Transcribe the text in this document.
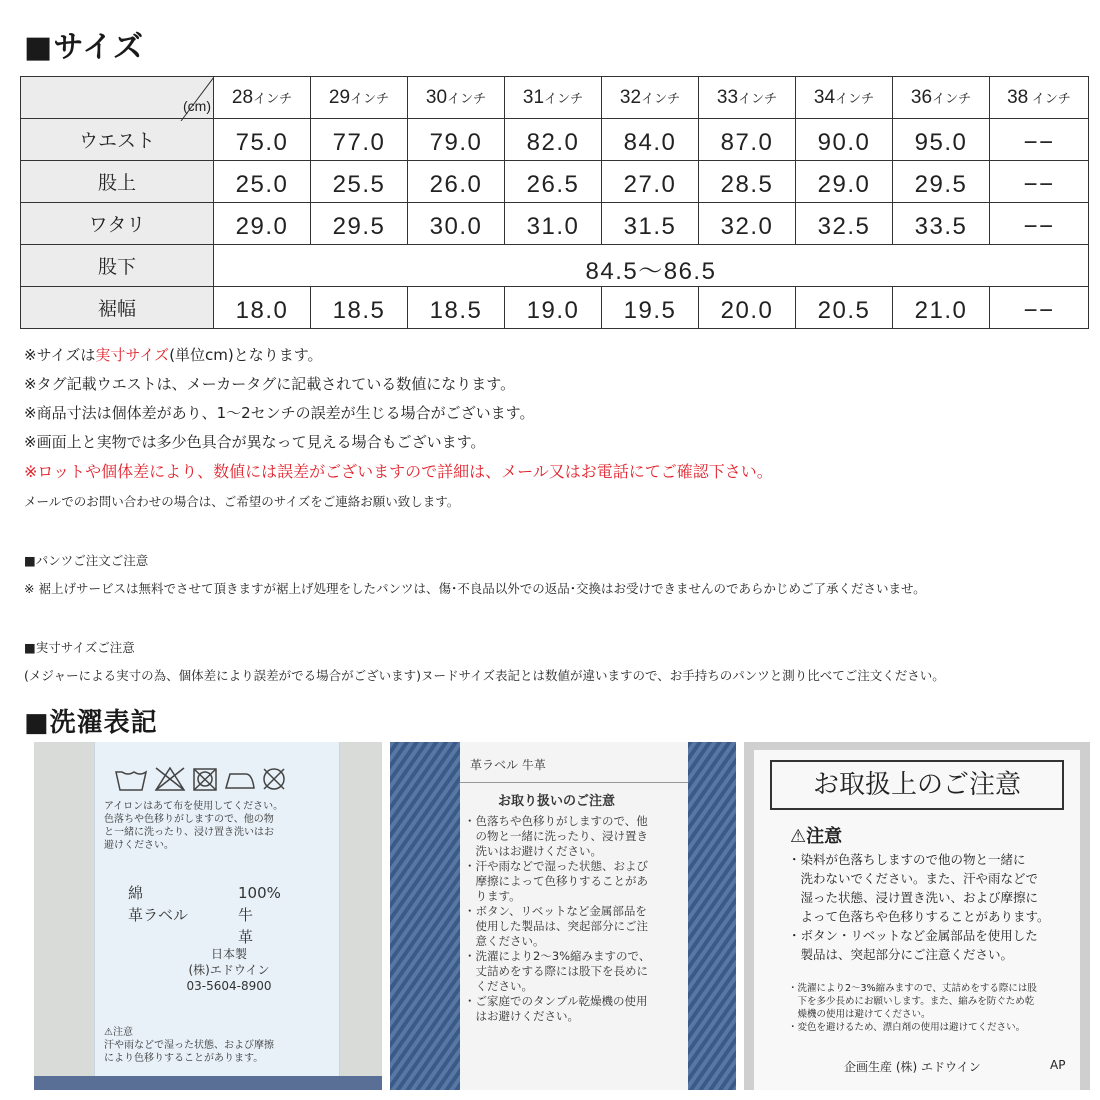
■サイズ
(cm)	28インチ	29インチ	30インチ	31インチ	32インチ	33インチ	34インチ	36インチ	38 インチ
ウエスト	75.0	77.0	79.0	82.0	84.0	87.0	90.0	95.0	−−
股上	25.0	25.5	26.0	26.5	27.0	28.5	29.0	29.5	−−
ワタリ	29.0	29.5	30.0	31.0	31.5	32.0	32.5	33.5	−−
股下	84.5～86.5								
裾幅	18.0	18.5	18.5	19.0	19.5	20.0	20.5	21.0	−−
※サイズは実寸サイズ(単位cm)となります。
※タグ記載ウエストは、メーカータグに記載されている数値になります。
※商品寸法は個体差があり、1～2センチの誤差が生じる場合がございます。
※画面上と実物では多少色具合が異なって見える場合もございます。
※ロットや個体差により、数値には誤差がございますので詳細は、メール又はお電話にてご確認下さい。
メールでのお問い合わせの場合は、ご希望のサイズをご連絡お願い致します。
■パンツご注文ご注意
※ 裾上げサービスは無料でさせて頂きますが裾上げ処理をしたパンツは、傷･不良品以外での返品･交換はお受けできませんのであらかじめご了承くださいませ。
■実寸サイズご注意
(メジャーによる実寸の為、個体差により誤差がでる場合がございます)ヌードサイズ表記とは数値が違いますので、お手持ちのパンツと測り比べてご注文ください。
■洗濯表記
アイロンはあて布を使用してください。
色落ちや色移りがしますので、他の物
と一緒に洗ったり、浸け置き洗いはお
避けください。
綿	100%
革ラベル	牛革
日本製
(株)エドウイン
03-5604-8900
⚠注意
汗や雨などで湿った状態、および摩擦
により色移りすることがあります。
革ラベル 牛革
お取り扱いのご注意
・色落ちや色移りがしますので、他
　の物と一緒に洗ったり、浸け置き
　洗いはお避けください。
・汗や雨などで湿った状態、および
　摩擦によって色移りすることがあ
　ります。
・ボタン、リベットなど金属部品を
　使用した製品は、突起部分にご注
　意ください。
・洗濯により2～3%縮みますので、
　丈詰めをする際には股下を長めに
　ください。
・ご家庭でのタンブル乾燥機の使用
　はお避けください。
お取扱上のご注意
⚠注意
・染料が色落ちしますので他の物と一緒に
　洗わないでください。また、汗や雨などで
　湿った状態、浸け置き洗い、および摩擦に
　よって色落ちや色移りすることがあります。
・ボタン・リベットなど金属部品を使用した
　製品は、突起部分にご注意ください。
・洗濯により2～3%縮みますので、丈詰めをする際には股
　下を多少長めにお願いします。また、縮みを防ぐため乾
　燥機の使用は避けてください。
・変色を避けるため、漂白剤の使用は避けてください。
企画生産 (株) エドウイン	AP
